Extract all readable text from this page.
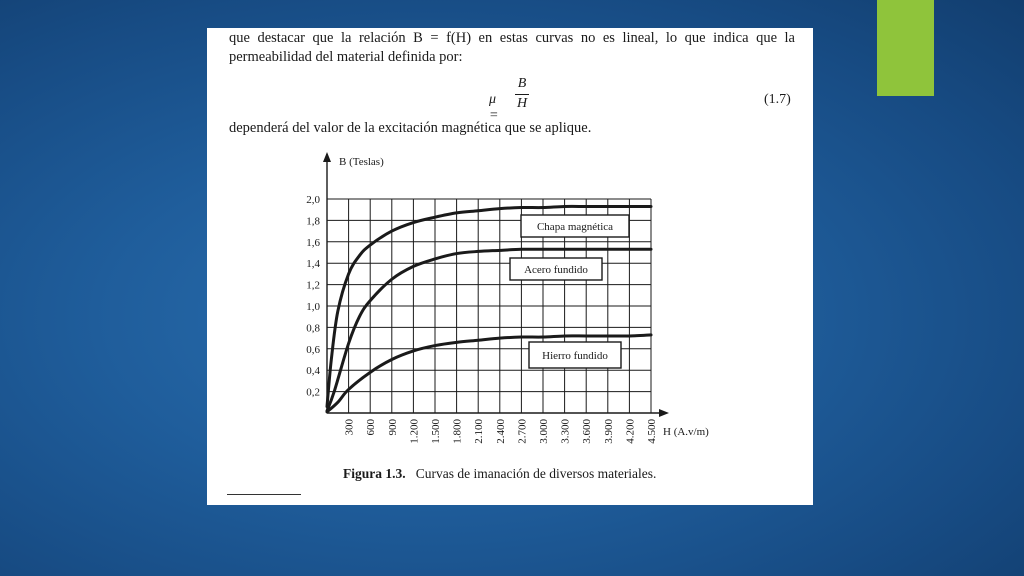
que destacar que la relación B = f(H) en estas curvas no es lineal, lo que indica que la
permeabilidad del material definida por:
μ =
B
H	(1.7)
dependerá del valor de la excitación magnética que se aplique.
0,2
0,4
0,6
0,8
1,0
1,2
1,4
1,6
1,8
2,0
300 600 900 1.200 1.500 1.800 2.100 2.400 2.700 3.000 3.300 3.600 3.900 4.200 4.500
B (Teslas)
H (A.v/m)
Chapa magnética
Acero fundido
Hierro fundido
Figura 1.3. Curvas de imanación de diversos materiales.
